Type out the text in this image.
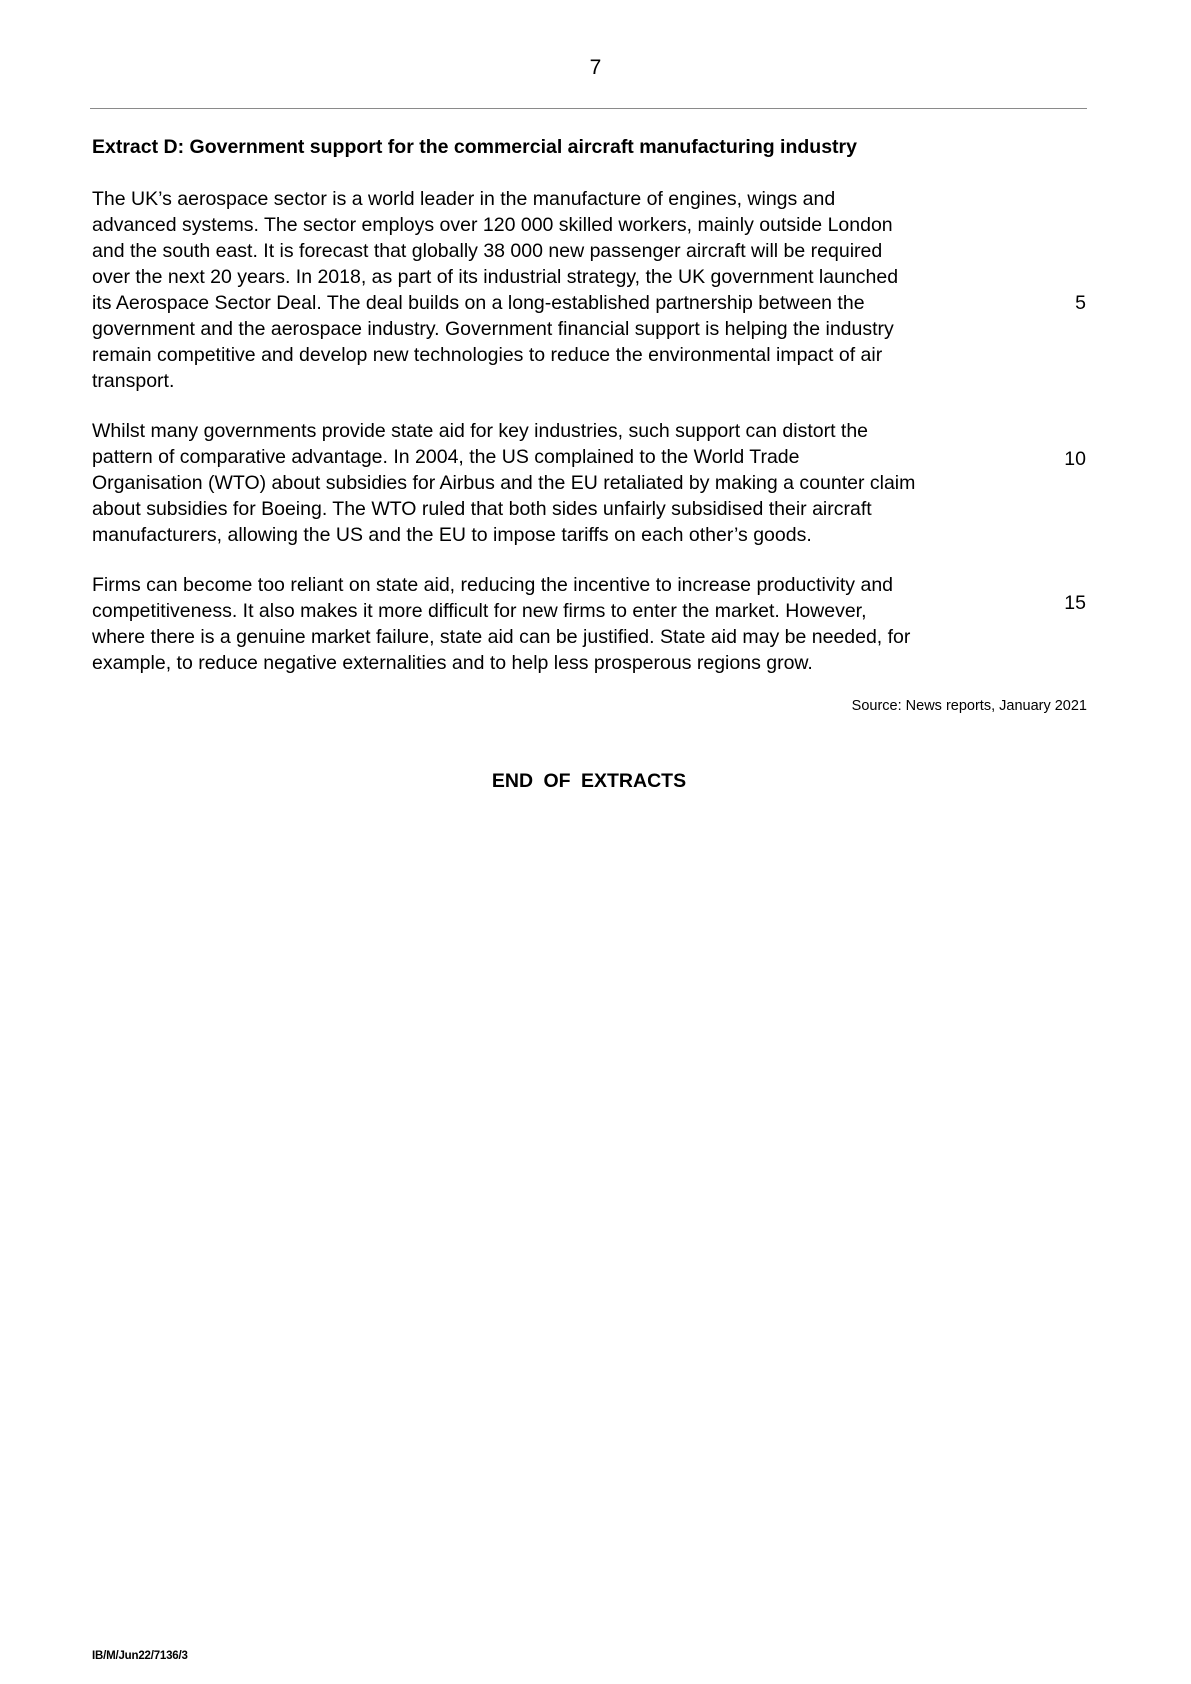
7
Extract D: Government support for the commercial aircraft manufacturing industry
The UK’s aerospace sector is a world leader in the manufacture of engines, wings and
advanced systems. The sector employs over 120 000 skilled workers, mainly outside London
and the south east. It is forecast that globally 38 000 new passenger aircraft will be required
over the next 20 years. In 2018, as part of its industrial strategy, the UK government launched
its Aerospace Sector Deal. The deal builds on a long-established partnership between the
government and the aerospace industry. Government financial support is helping the industry
remain competitive and develop new technologies to reduce the environmental impact of air
transport.
Whilst many governments provide state aid for key industries, such support can distort the
pattern of comparative advantage. In 2004, the US complained to the World Trade
Organisation (WTO) about subsidies for Airbus and the EU retaliated by making a counter claim
about subsidies for Boeing. The WTO ruled that both sides unfairly subsidised their aircraft
manufacturers, allowing the US and the EU to impose tariffs on each other’s goods.
Firms can become too reliant on state aid, reducing the incentive to increase productivity and
competitiveness. It also makes it more difficult for new firms to enter the market. However,
where there is a genuine market failure, state aid can be justified. State aid may be needed, for
example, to reduce negative externalities and to help less prosperous regions grow.
5
10
15
Source: News reports, January 2021
END OF EXTRACTS
IB/M/Jun22/7136/3
